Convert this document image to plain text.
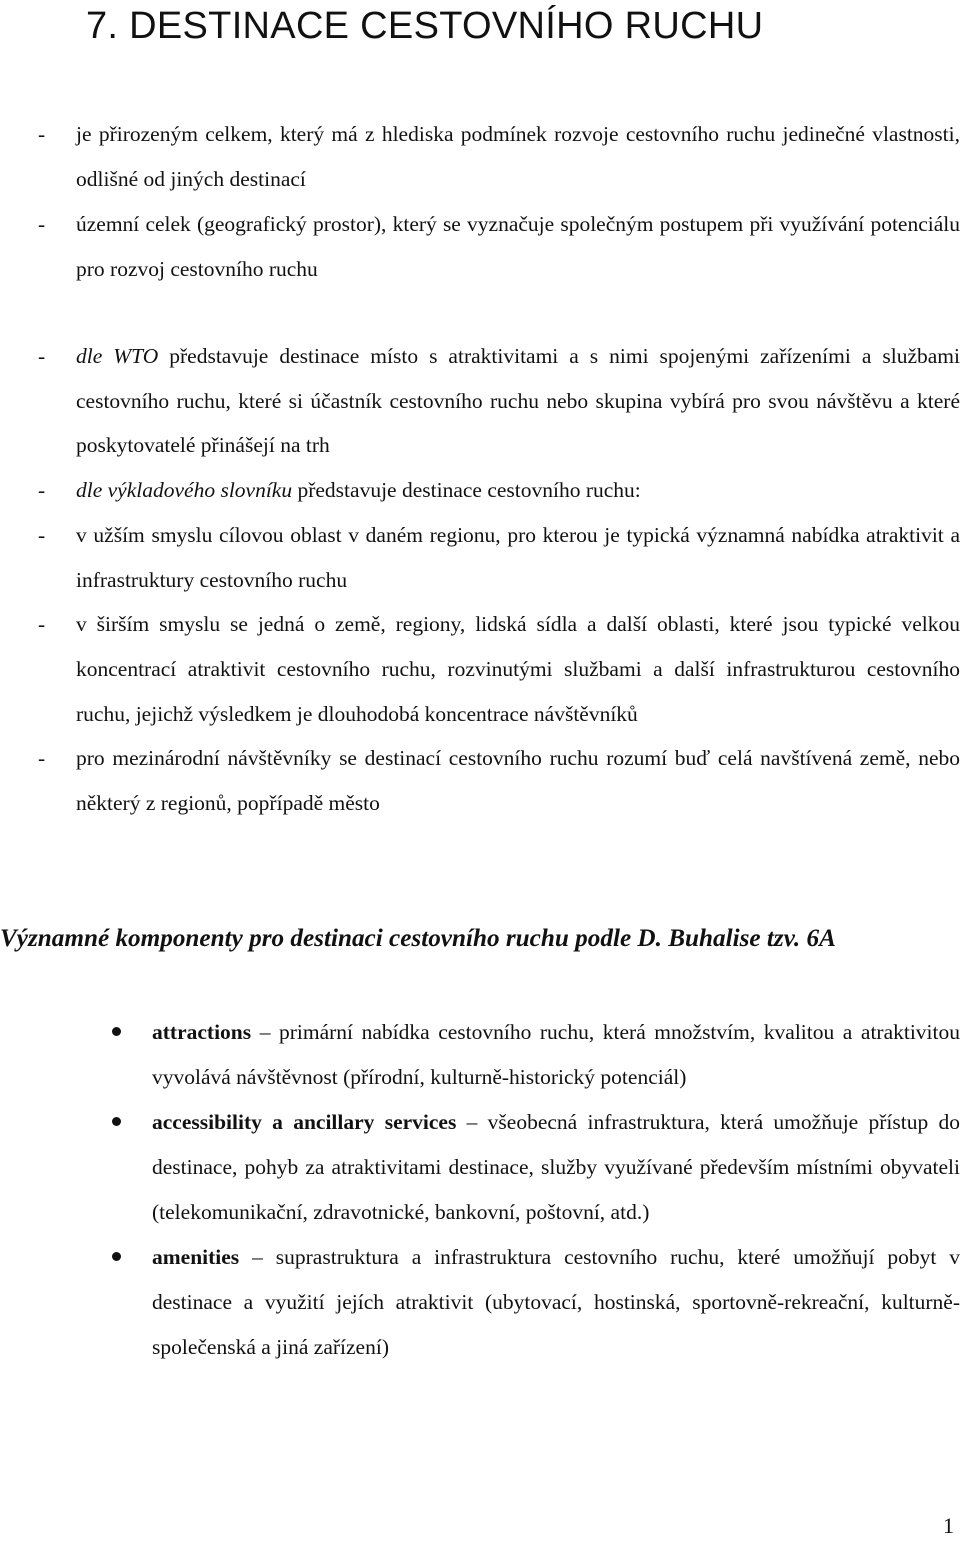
7. DESTINACE CESTOVNÍHO RUCHU
- je přirozeným celkem, který má z hlediska podmínek rozvoje cestovního ruchu jedinečné vlastnosti, odlišné od jiných destinací
- územní celek (geografický prostor), který se vyznačuje společným postupem při využívání potenciálu pro rozvoj cestovního ruchu
- dle WTO představuje destinace místo s atraktivitami a s nimi spojenými zařízeními a službami cestovního ruchu, které si účastník cestovního ruchu nebo skupina vybírá pro svou návštěvu a které poskytovatelé přinášejí na trh
- dle výkladového slovníku představuje destinace cestovního ruchu:
- v užším smyslu cílovou oblast v daném regionu, pro kterou je typická významná nabídka atraktivit a infrastruktury cestovního ruchu
- v širším smyslu se jedná o země, regiony, lidská sídla a další oblasti, které jsou typické velkou koncentrací atraktivit cestovního ruchu, rozvinutými službami a další infrastrukturou cestovního ruchu, jejichž výsledkem je dlouhodobá koncentrace návštěvníků
- pro mezinárodní návštěvníky se destinací cestovního ruchu rozumí buď celá navštívená země, nebo některý z regionů, popřípadě město
Významné komponenty pro destinaci cestovního ruchu podle D. Buhalise tzv. 6A
attractions – primární nabídka cestovního ruchu, která množstvím, kvalitou a atraktivitou vyvolává návštěvnost (přírodní, kulturně-historický potenciál)
accessibility a ancillary services – všeobecná infrastruktura, která umožňuje přístup do destinace, pohyb za atraktivitami destinace, služby využívané především místními obyvateli (telekomunikační, zdravotnické, bankovní, poštovní, atd.)
amenities – suprastruktura a infrastruktura cestovního ruchu, které umožňují pobyt v destinace a využití jejích atraktivit (ubytovací, hostinská, sportovně-rekreační, kulturně-společenská a jiná zařízení)
1
